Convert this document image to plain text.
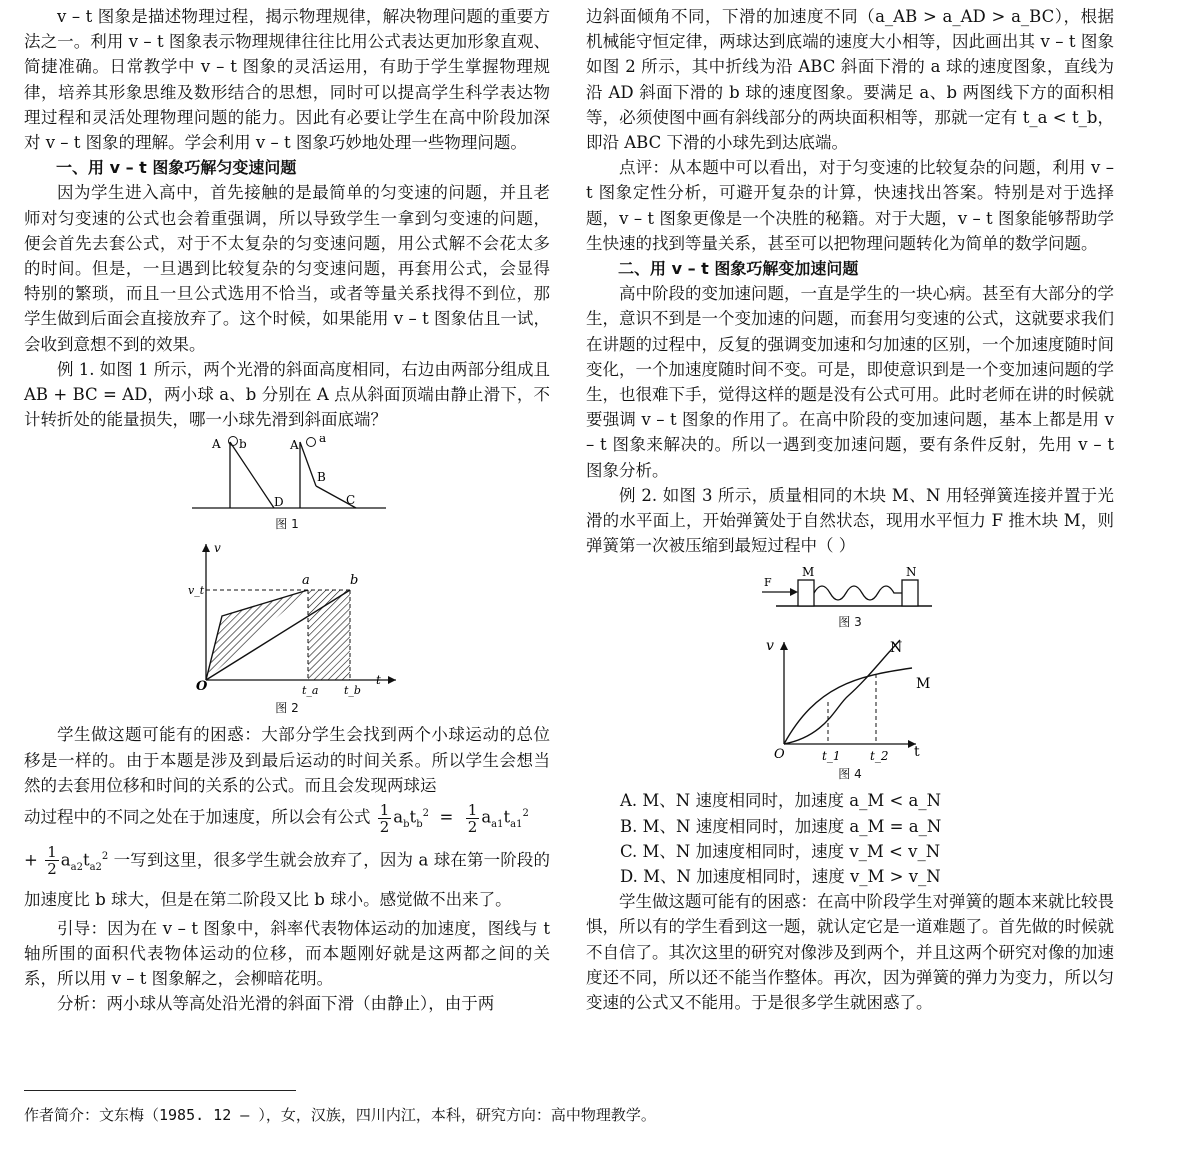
v – t 图象是描述物理过程，揭示物理规律，解决物理问题的重要方法之一。利用 v – t 图象表示物理规律往往比用公式表达更加形象直观、简捷准确。日常教学中 v – t 图象的灵活运用，有助于学生掌握物理规律，培养其形象思维及数形结合的思想，同时可以提高学生科学表达物理过程和灵活处理物理问题的能力。因此有必要让学生在高中阶段加深对 v – t 图象的理解。学会利用 v – t 图象巧妙地处理一些物理问题。

一、用 v – t 图象巧解匀变速问题

因为学生进入高中，首先接触的是最简单的匀变速的问题，并且老师对匀变速的公式也会着重强调，所以导致学生一拿到匀变速的问题，便会首先去套公式，对于不太复杂的匀变速问题，用公式解不会花太多的时间。但是，一旦遇到比较复杂的匀变速问题，再套用公式，会显得特别的繁琐，而且一旦公式选用不恰当，或者等量关系找得不到位，那学生做到后面会直接放弃了。这个时候，如果能用 v – t 图象估且一试，会收到意想不到的效果。

例 1. 如图 1 所示，两个光滑的斜面高度相同，右边由两部分组成且 AB + BC = AD，两小球 a、b 分别在 A 点从斜面顶端由静止滑下，不计转折处的能量损失，哪一小球先滑到斜面底端？

A b
D
A a
B
C

图 1

v
t
O
v_t
a	b
t_a t_b

图 2

学生做这题可能有的困惑：大部分学生会找到两个小球运动的总位移是一样的。由于本题是涉及到最后运动的时间关系。所以学生会想当然的去套用位移和时间的关系的公式。而且会发现两球运

动过程中的不同之处在于加速度，所以会有公式 $\frac{1}{2} a_bt_b^2 = \frac{1}{2} a_{a1}t_{a1}^2$

+ $\frac{1}{2} a_{a2}t_{a2}^2$ 一写到这里，很多学生就会放弃了，因为 a 球在第一阶段的加速度比 b 球大，但是在第二阶段又比 b 球小。感觉做不出来了。

引导：因为在 v – t 图象中，斜率代表物体运动的加速度，图线与 t 轴所围的面积代表物体运动的位移，而本题刚好就是这两都之间的关系，所以用 v – t 图象解之，会柳暗花明。

分析：两小球从等高处沿光滑的斜面下滑（由静止），由于两

边斜面倾角不同，下滑的加速度不同（a_AB > a_AD > a_BC），根据机械能守恒定律，两球达到底端的速度大小相等，因此画出其 v – t 图象如图 2 所示，其中折线为沿 ABC 斜面下滑的 a 球的速度图象，直线为沿 AD 斜面下滑的 b 球的速度图象。要满足 a、b 两图线下方的面积相等，必须使图中画有斜线部分的两块面积相等，那就一定有 t_a < t_b，即沿 ABC 下滑的小球先到达底端。

点评：从本题中可以看出，对于匀变速的比较复杂的问题，利用 v – t 图象定性分析，可避开复杂的计算，快速找出答案。特别是对于选择题，v – t 图象更像是一个决胜的秘籍。对于大题，v – t 图象能够帮助学生快速的找到等量关系，甚至可以把物理问题转化为简单的数学问题。

二、用 v – t 图象巧解变加速问题

高中阶段的变加速问题，一直是学生的一块心病。甚至有大部分的学生，意识不到是一个变加速的问题，而套用匀变速的公式，这就要求我们在讲题的过程中，反复的强调变加速和匀加速的区别，一个加速度随时间变化，一个加速度随时间不变。可是，即使意识到是一个变加速问题的学生，也很难下手，觉得这样的题是没有公式可用。此时老师在讲的时候就要强调 v – t 图象的作用了。在高中阶段的变加速问题，基本上都是用 v – t 图象来解决的。所以一遇到变加速问题，要有条件反射，先用 v – t 图象分析。

例 2. 如图 3 所示，质量相同的木块 M、N 用轻弹簧连接并置于光滑的水平面上，开始弹簧处于自然状态，现用水平恒力 F 推木块 M，则弹簧第一次被压缩到最短过程中（ ）

F
M	N

图 3

v
t
O
N
M
t_1 t_2

图 4

A. M、N 速度相同时，加速度 a_M < a_N

B. M、N 速度相同时，加速度 a_M = a_N

C. M、N 加速度相同时，速度 v_M < v_N

D. M、N 加速度相同时，速度 v_M > v_N

学生做这题可能有的困惑：在高中阶段学生对弹簧的题本来就比较畏惧，所以有的学生看到这一题，就认定它是一道难题了。首先做的时候就不自信了。其次这里的研究对像涉及到两个，并且这两个研究对像的加速度还不同，所以还不能当作整体。再次，因为弹簧的弹力为变力，所以匀变速的公式又不能用。于是很多学生就困惑了。

作者简介：文东梅（1985. 12 – ），女，汉族，四川内江，本科，研究方向：高中物理教学。
